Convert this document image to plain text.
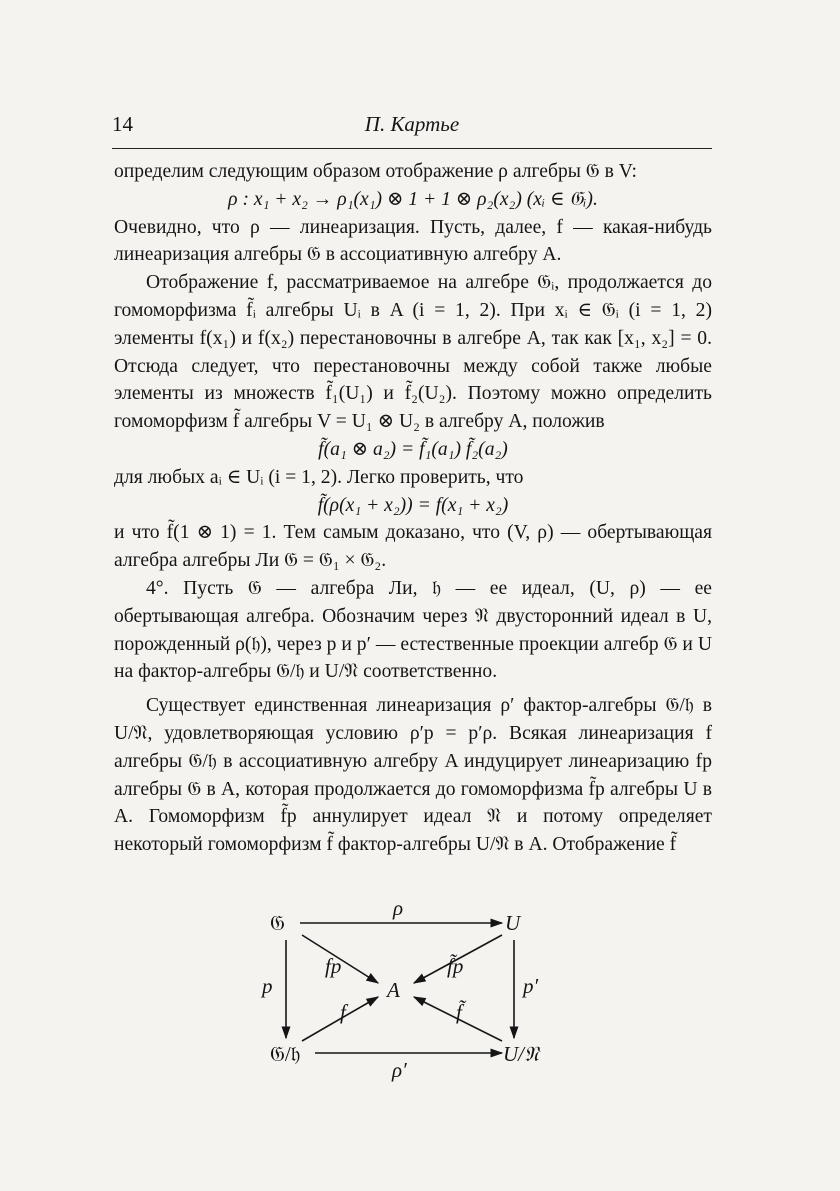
14	П. Картье

определим следующим образом отображение ρ алгебры 𝔊 в V:

ρ : x₁ + x₂ → ρ₁(x₁) ⊗ 1 + 1 ⊗ ρ₂(x₂) (xᵢ ∈ 𝔊ᵢ).

Очевидно, что ρ — линеаризация. Пусть, далее, f — какая-нибудь линеаризация алгебры 𝔊 в ассоциативную алгебру A.

Отображение f, рассматриваемое на алгебре 𝔊ᵢ, продолжается до гомоморфизма f̃ᵢ алгебры Uᵢ в A (i = 1, 2). При xᵢ ∈ 𝔊ᵢ (i = 1, 2) элементы f(x₁) и f(x₂) перестановочны в алгебре A, так как [x₁, x₂] = 0. Отсюда следует, что перестановочны между собой также любые элементы из множеств f̃₁(U₁) и f̃₂(U₂). Поэтому можно определить гомоморфизм f̃ алгебры V = U₁ ⊗ U₂ в алгебру A, положив

f̃(a₁ ⊗ a₂) = f̃₁(a₁) f̃₂(a₂)

для любых aᵢ ∈ Uᵢ (i = 1, 2). Легко проверить, что

f̃(ρ(x₁ + x₂)) = f(x₁ + x₂)

и что f̃(1 ⊗ 1) = 1. Тем самым доказано, что (V, ρ) — обертывающая алгебра алгебры Ли 𝔊 = 𝔊₁ × 𝔊₂.

4°. Пусть 𝔊 — алгебра Ли, 𝔥 — ее идеал, (U, ρ) — ее обертывающая алгебра. Обозначим через 𝔑 двусторонний идеал в U, порожденный ρ(𝔥), через p и p′ — естественные проекции алгебр 𝔊 и U на фактор-алгебры 𝔊/𝔥 и U/𝔑 соответственно.

Существует единственная линеаризация ρ′ фактор-алгебры 𝔊/𝔥 в U/𝔑, удовлетворяющая условию ρ′p = p′ρ. Всякая линеаризация f алгебры 𝔊/𝔥 в ассоциативную алгебру A индуцирует линеаризацию fp алгебры 𝔊 в A, которая продолжается до гомоморфизма f̃p алгебры U в A. Гомоморфизм f̃p аннулирует идеал 𝔑 и потому определяет некоторый гомоморфизм f̃ фактор-алгебры U/𝔑 в A. Отображение f̃

𝔊	U
A
𝔊/𝔥	U/𝔑
ρ
p	p′
ρ′
fp	f̃p
f	f̃
